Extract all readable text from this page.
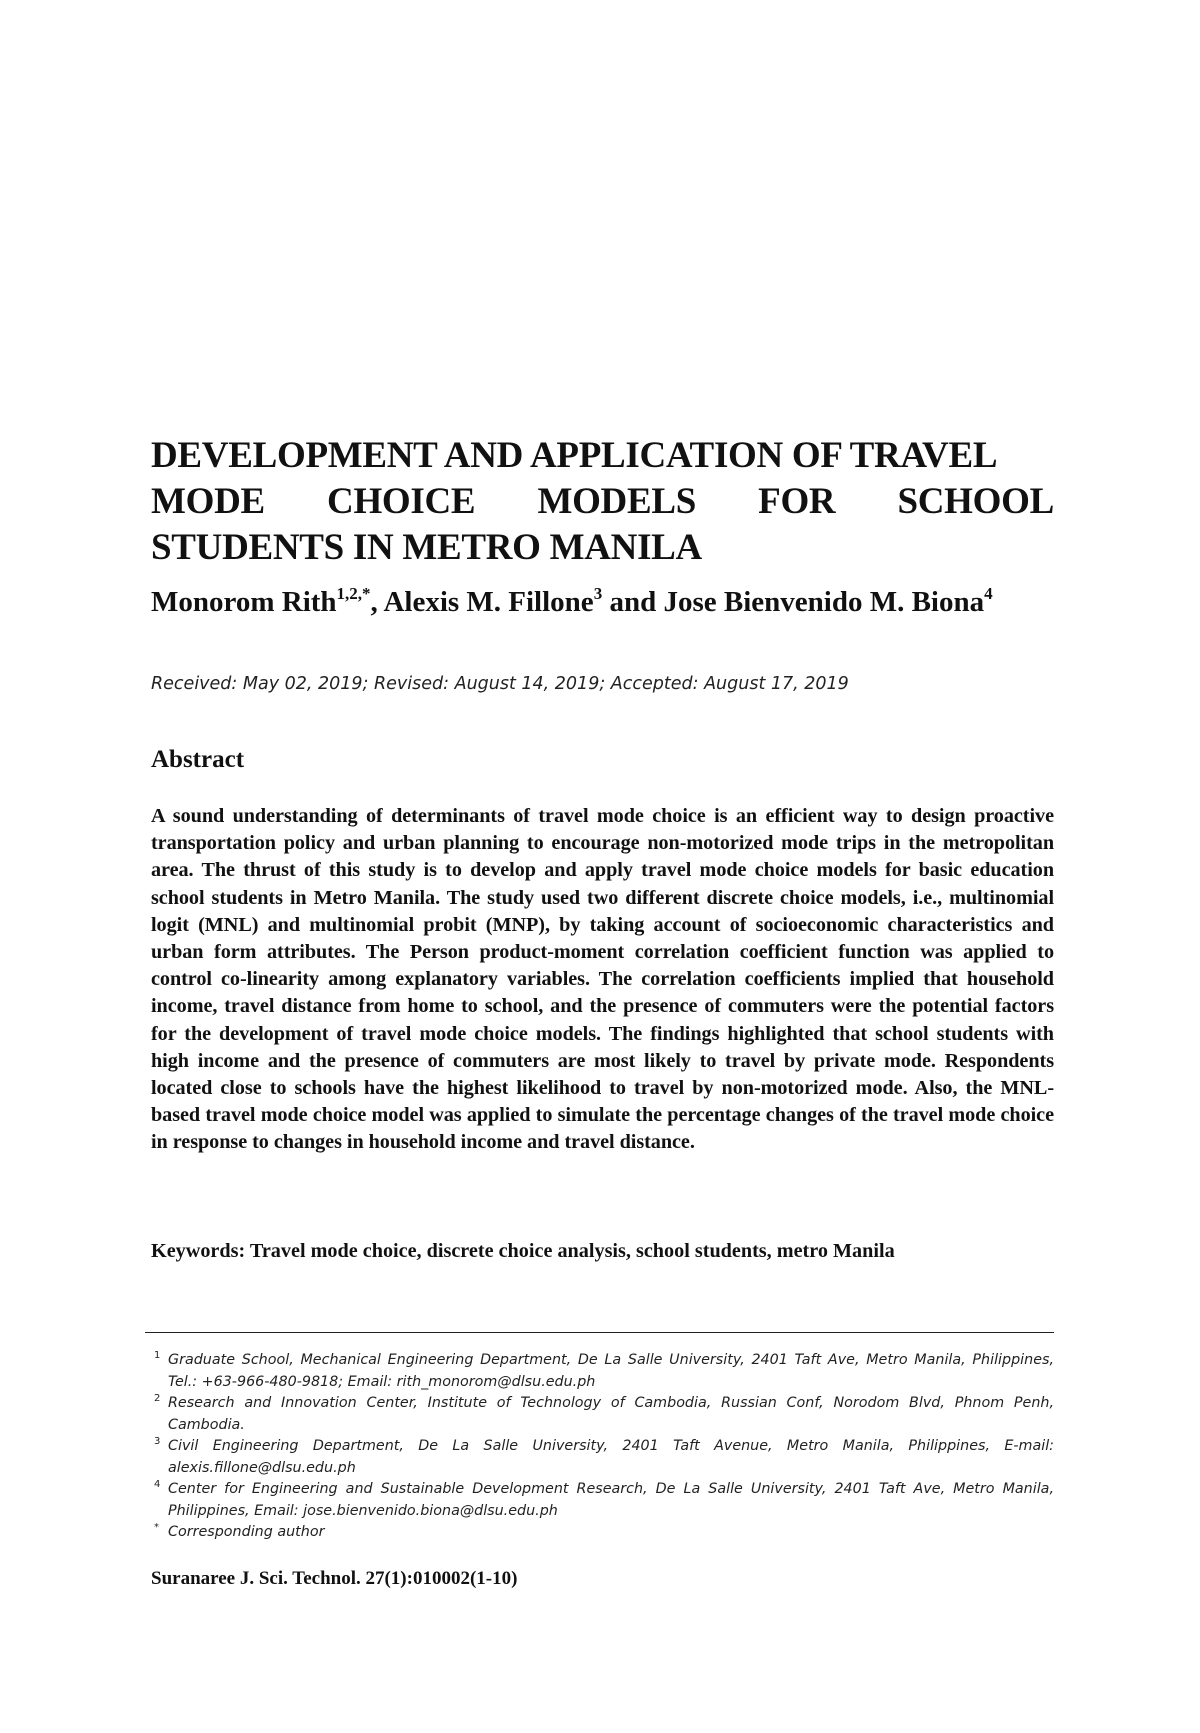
DEVELOPMENT AND APPLICATION OF TRAVEL
MODE CHOICE MODELS FOR SCHOOL
STUDENTS IN METRO MANILA

Monorom Rith$^{1,2,*}$, Alexis M. Fillone$^3$ and Jose Bienvenido M. Biona$^4$

Received: May 02, 2019; Revised: August 14, 2019; Accepted: August 17, 2019
Abstract

A sound understanding of determinants of travel mode choice is an efficient way to design proactive transportation policy and urban planning to encourage non-motorized mode trips in the metropolitan area. The thrust of this study is to develop and apply travel mode choice models for basic education school students in Metro Manila. The study used two different discrete choice models, i.e., multinomial logit (MNL) and multinomial probit (MNP), by taking account of socioeconomic characteristics and urban form attributes. The Person product-moment correlation coefficient function was applied to control co-linearity among explanatory variables. The correlation coefficients implied that household income, travel distance from home to school, and the presence of commuters were the potential factors for the development of travel mode choice models. The findings highlighted that school students with high income and the presence of commuters are most likely to travel by private mode. Respondents located close to schools have the highest likelihood to travel by non-motorized mode. Also, the MNL-based travel mode choice model was applied to simulate the percentage changes of the travel mode choice in response to changes in household income and travel distance.

Keywords: Travel mode choice, discrete choice analysis, school students, metro Manila

1 Graduate School, Mechanical Engineering Department, De La Salle University, 2401 Taft Ave, Metro Manila, Philippines, Tel.: +63-966-480-9818; Email: rith_monorom@dlsu.edu.ph
2 Research and Innovation Center, Institute of Technology of Cambodia, Russian Conf, Norodom Blvd, Phnom Penh, Cambodia.
3 Civil Engineering Department, De La Salle University, 2401 Taft Avenue, Metro Manila, Philippines, E-mail: alexis.fillone@dlsu.edu.ph
4 Center for Engineering and Sustainable Development Research, De La Salle University, 2401 Taft Ave, Metro Manila, Philippines, Email: jose.bienvenido.biona@dlsu.edu.ph
* Corresponding author

Suranaree J. Sci. Technol. 27(1):010002(1-10)
